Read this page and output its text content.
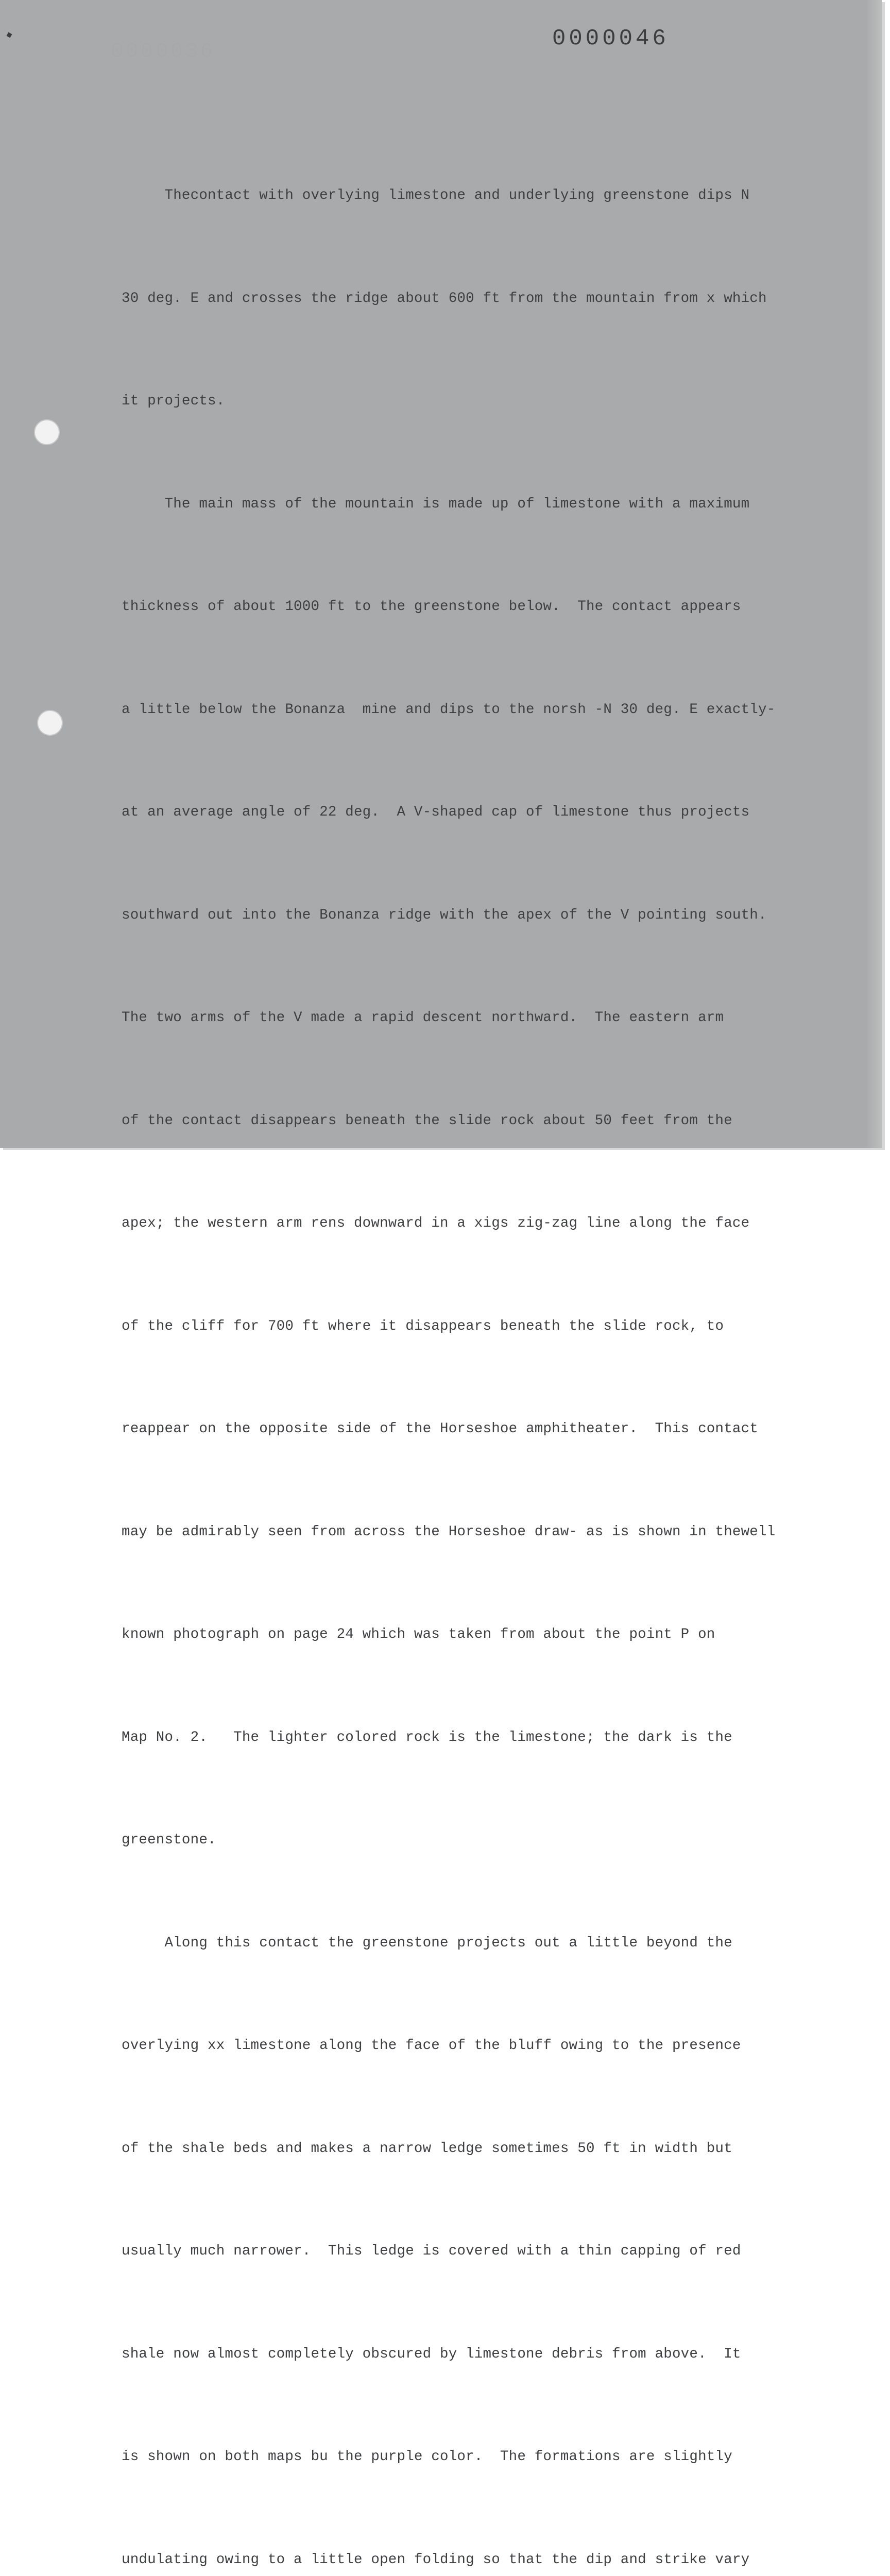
0000036
0000046

Thecontact with overlying limestone and underlying greenstone dips N

30 deg. E and crosses the ridge about 600 ft from the mountain from x which

it projects.

The main mass of the mountain is made up of limestone with a maximum

thickness of about 1000 ft to the greenstone below.  The contact appears

a little below the Bonanza  mine and dips to the norsh -N 30 deg. E exactly-

at an average angle of 22 deg.  A V-shaped cap of limestone thus projects

southward out into the Bonanza ridge with the apex of the V pointing south.

The two arms of the V made a rapid descent northward.  The eastern arm

of the contact disappears beneath the slide rock about 50 feet from the

apex; the western arm rens downward in a xigs zig-zag line along the face

of the cliff for 700 ft where it disappears beneath the slide rock, to

reappear on the opposite side of the Horseshoe amphitheater.  This contact

may be admirably seen from across the Horseshoe draw- as is shown in thewell

known photograph on page 24 which was taken from about the point P on

Map No. 2.   The lighter colored rock is the limestone; the dark is the

greenstone.

Along this contact the greenstone projects out a little beyond the

overlying xx limestone along the face of the bluff owing to the presence

of the shale beds and makes a narrow ledge sometimes 50 ft in width but

usually much narrower.  This ledge is covered with a thin capping of red

shale now almost completely obscured by limestone debris from above.  It

is shown on both maps bu the purple color.  The formations are slightly

undulating owing to a little open folding so that the dip and strike vary
